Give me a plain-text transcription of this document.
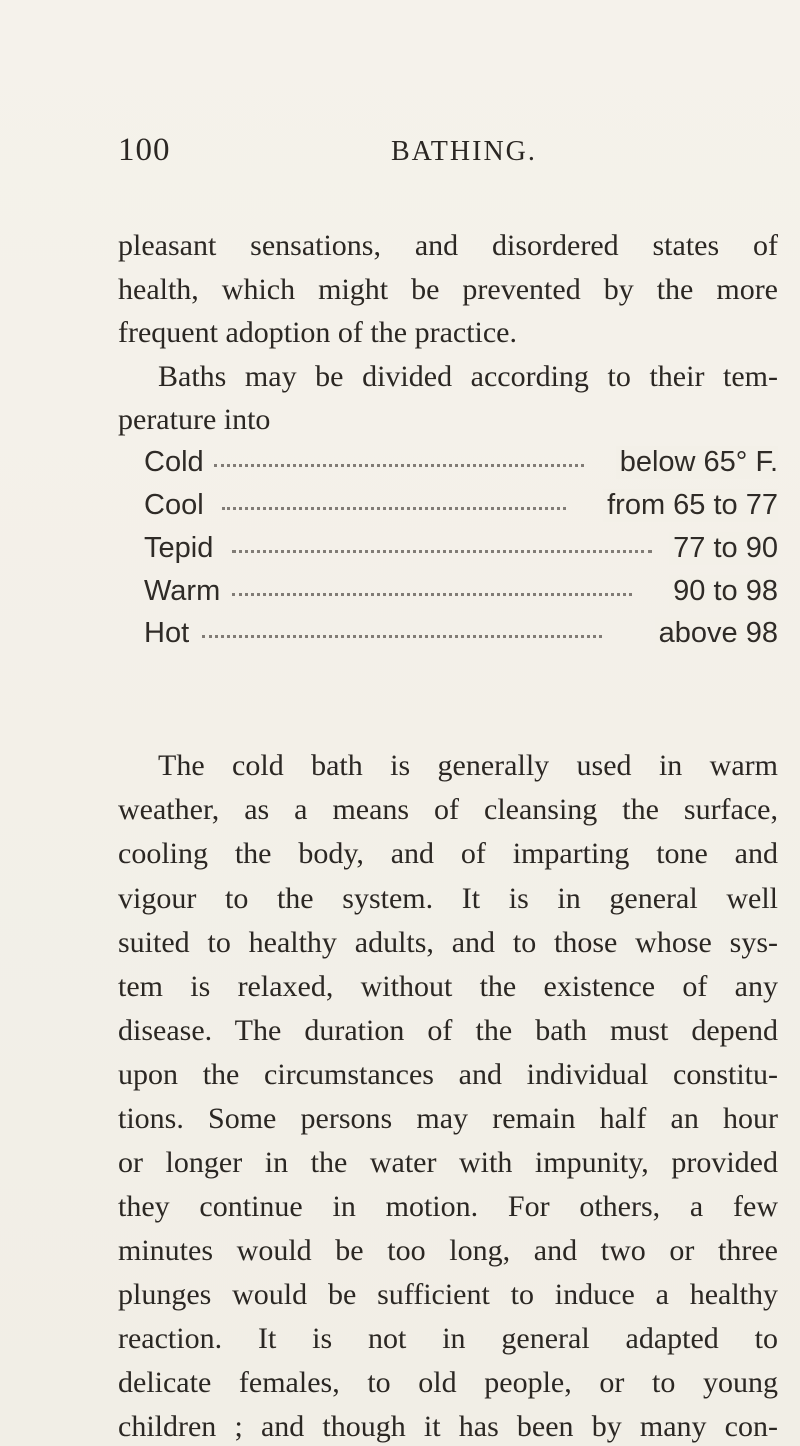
100	BATHING.
pleasant sensations, and disordered states of
health, which might be prevented by the more
frequent adoption of the practice.
Baths may be divided according to their tem-
perature into
Cold	below 65° F.
Cool	from 65 to 77
Tepid	77 to 90
Warm	90 to 98
Hot	above 98
The cold bath is generally used in warm
weather, as a means of cleansing the surface,
cooling the body, and of imparting tone and
vigour to the system. It is in general well
suited to healthy adults, and to those whose sys-
tem is relaxed, without the existence of any
disease. The duration of the bath must depend
upon the circumstances and individual constitu-
tions. Some persons may remain half an hour
or longer in the water with impunity, provided
they continue in motion. For others, a few
minutes would be too long, and two or three
plunges would be sufficient to induce a healthy
reaction. It is not in general adapted to
delicate females, to old people, or to young
children ; and though it has been by many con-
